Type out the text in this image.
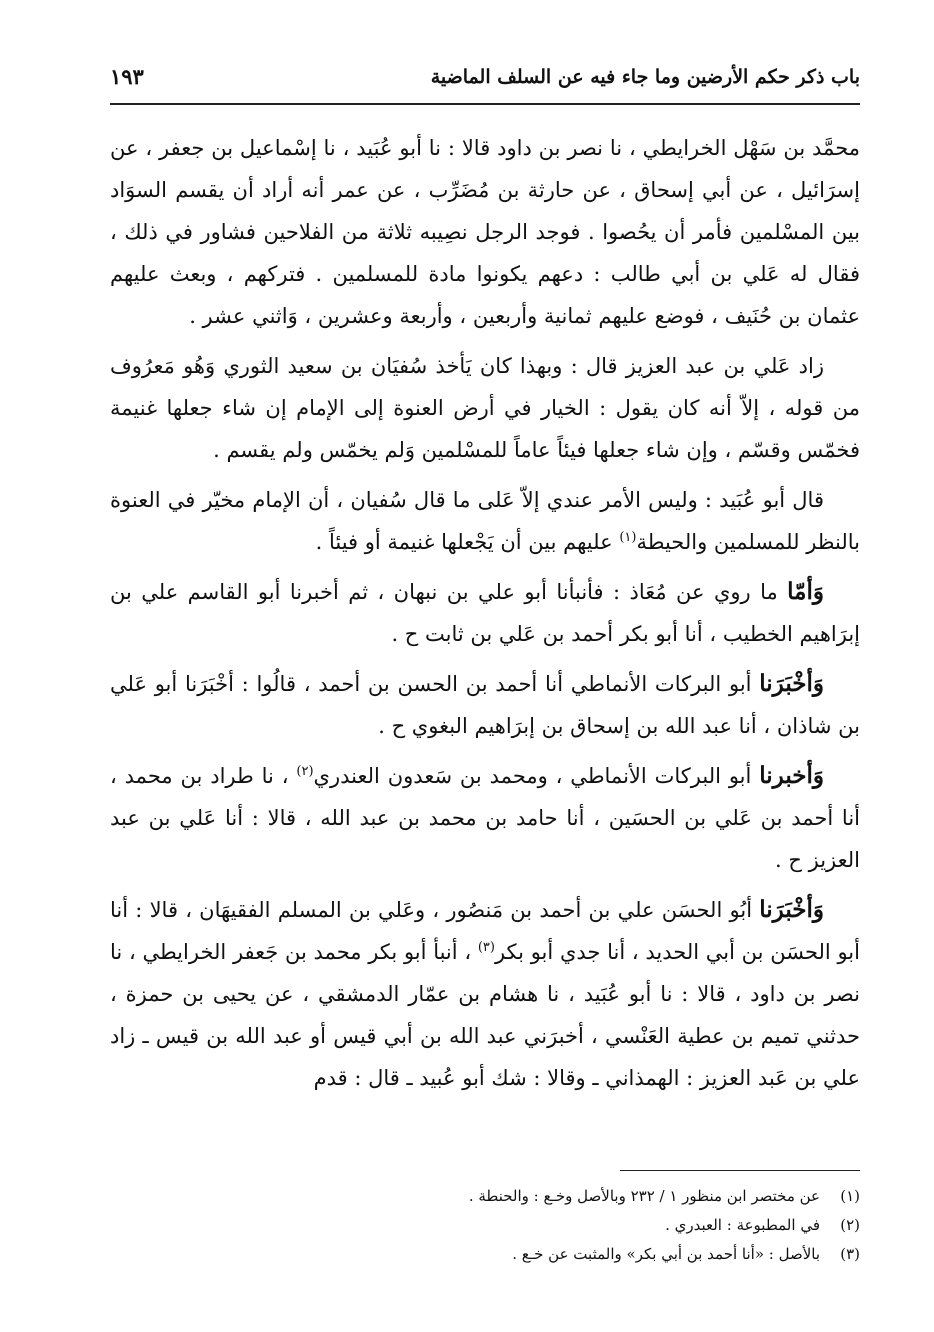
باب ذكر حكم الأرضين وما جاء فيه عن السلف الماضية
١٩٣

محمَّد بن سَهْل الخرايطي ، نا نصر بن داود قالا : نا أبو عُبَيد ، نا إسْماعيل بن جعفر ، عن إسرَائيل ، عن أبي إسحاق ، عن حارثة بن مُضَرِّب ، عن عمر أنه أراد أن يقسم السوَاد بين المسْلمين فأمر أن يحُصوا . فوجد الرجل نصِيبه ثلاثة من الفلاحين فشاور في ذلك ، فقال له عَلي بن أبي طالب : دعهم يكونوا مادة للمسلمين . فتركهم ، وبعث عليهم عثمان بن حُنَيف ، فوضع عليهم ثمانية وأربعين ، وأربعة وعشرين ، وَاثني عشر .

زاد عَلي بن عبد العزيز قال : وبهذا كان يَأخذ سُفيَان بن سعيد الثوري وَهُو مَعرُوف من قوله ، إلاّ أنه كان يقول : الخيار في أرض العنوة إلى الإمام إن شاء جعلها غنيمة فخمّس وقسّم ، وإن شاء جعلها فيئاً عاماً للمسْلمين وَلم يخمّس ولم يقسم .

قال أبو عُبَيد : وليس الأمر عندي إلاّ عَلى ما قال سُفيان ، أن الإمام مخيّر في العنوة بالنظر للمسلمين والحيطة$^{(١)}$ عليهم بين أن يَجْعلها غنيمة أو فيئاً .

وَأمّا ما روي عن مُعَاذ : فأنبأنا أبو علي بن نبهان ، ثم أخبرنا أبو القاسم علي بن إبرَاهيم الخطيب ، أنا أبو بكر أحمد بن عَلي بن ثابت ح .

وَأخْبَرَنا أبو البركات الأنماطي أنا أحمد بن الحسن بن أحمد ، قالُوا : أخْبَرَنا أبو عَلي بن شاذان ، أنا عبد الله بن إسحاق بن إبرَاهيم البغوي ح .

وَأخبرنا أبو البركات الأنماطي ، ومحمد بن سَعدون العندري$^{(٢)}$ ، نا طراد بن محمد ، أنا أحمد بن عَلي بن الحسَين ، أنا حامد بن محمد بن عبد الله ، قالا : أنا عَلي بن عبد العزيز ح .

وَأخْبَرَنا أبُو الحسَن علي بن أحمد بن مَنصُور ، وعَلي بن المسلم الفقيهَان ، قالا : أنا أبو الحسَن بن أبي الحديد ، أنا جدي أبو بكر$^{(٣)}$ ، أنبأ أبو بكر محمد بن جَعفر الخرايطي ، نا نصر بن داود ، قالا : نا أبو عُبَيد ، نا هشام بن عمّار الدمشقي ، عن يحيى بن حمزة ، حدثني تميم بن عطية العَنْسي ، أخبرَني عبد الله بن أبي قيس أو عبد الله بن قيس ـ زاد علي بن عَبد العزيز : الهمذاني ـ وقالا : شك أبو عُبيد ـ قال : قدم

(١)
عن مختصر ابن منظور ١ / ٢٣٢ وبالأصل وخـع : والحنطة .
(٢)
في المطبوعة : العبدري .
(٣)
بالأصل : «أنا أحمد بن أبي بكر» والمثبت عن خـع .
